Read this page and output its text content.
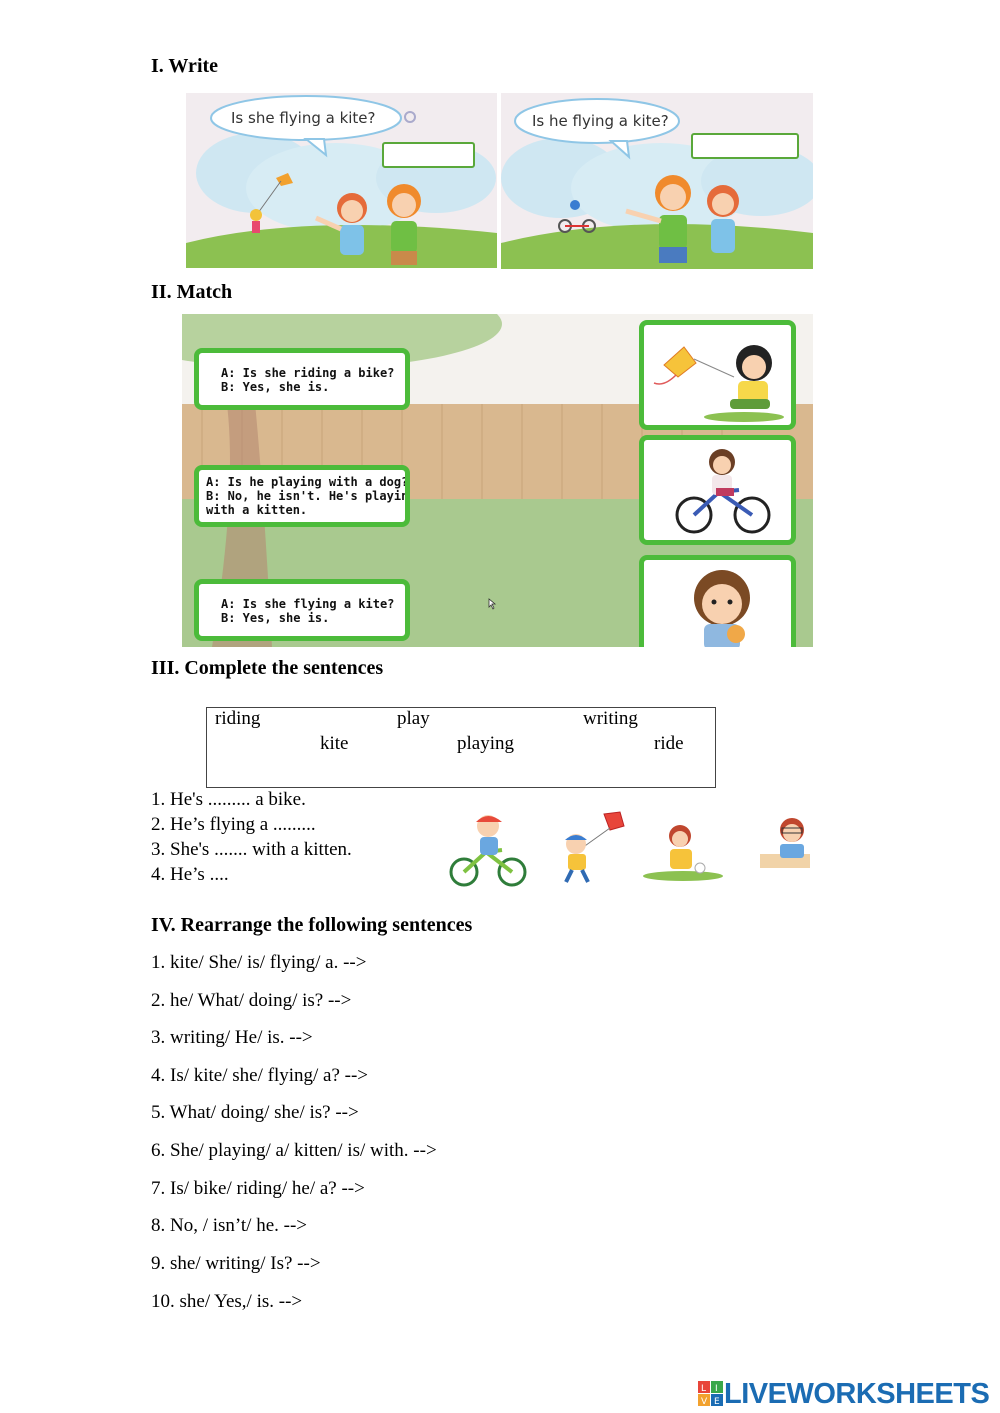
I. Write
Is she flying a kite?	Is he flying a kite?
II. Match
A: Is she riding a bike?
B: Yes, she is.
A: Is he playing with a dog?
B: No, he isn't. He's playing
with a kitten.
A: Is she flying a kite?
B: Yes, she is.
III. Complete the sentences
riding	play	writing
kite	playing	ride
1. He's ......... a bike.
2. He’s flying a .........
3. She's ....... with a kitten.
4. He’s ....
IV. Rearrange the following sentences
1. kite/ She/ is/ flying/ a. -->
2. he/ What/ doing/ is? -->
3. writing/ He/ is. -->
4. Is/ kite/ she/ flying/ a? -->
5. What/ doing/ she/ is? -->
6. She/ playing/ a/ kitten/ is/ with. -->
7. Is/ bike/ riding/ he/ a? -->
8. No, / isn’t/ he. -->
9. she/ writing/ Is? -->
10. she/ Yes,/ is. -->
L I
V E LIVEWORKSHEETS
